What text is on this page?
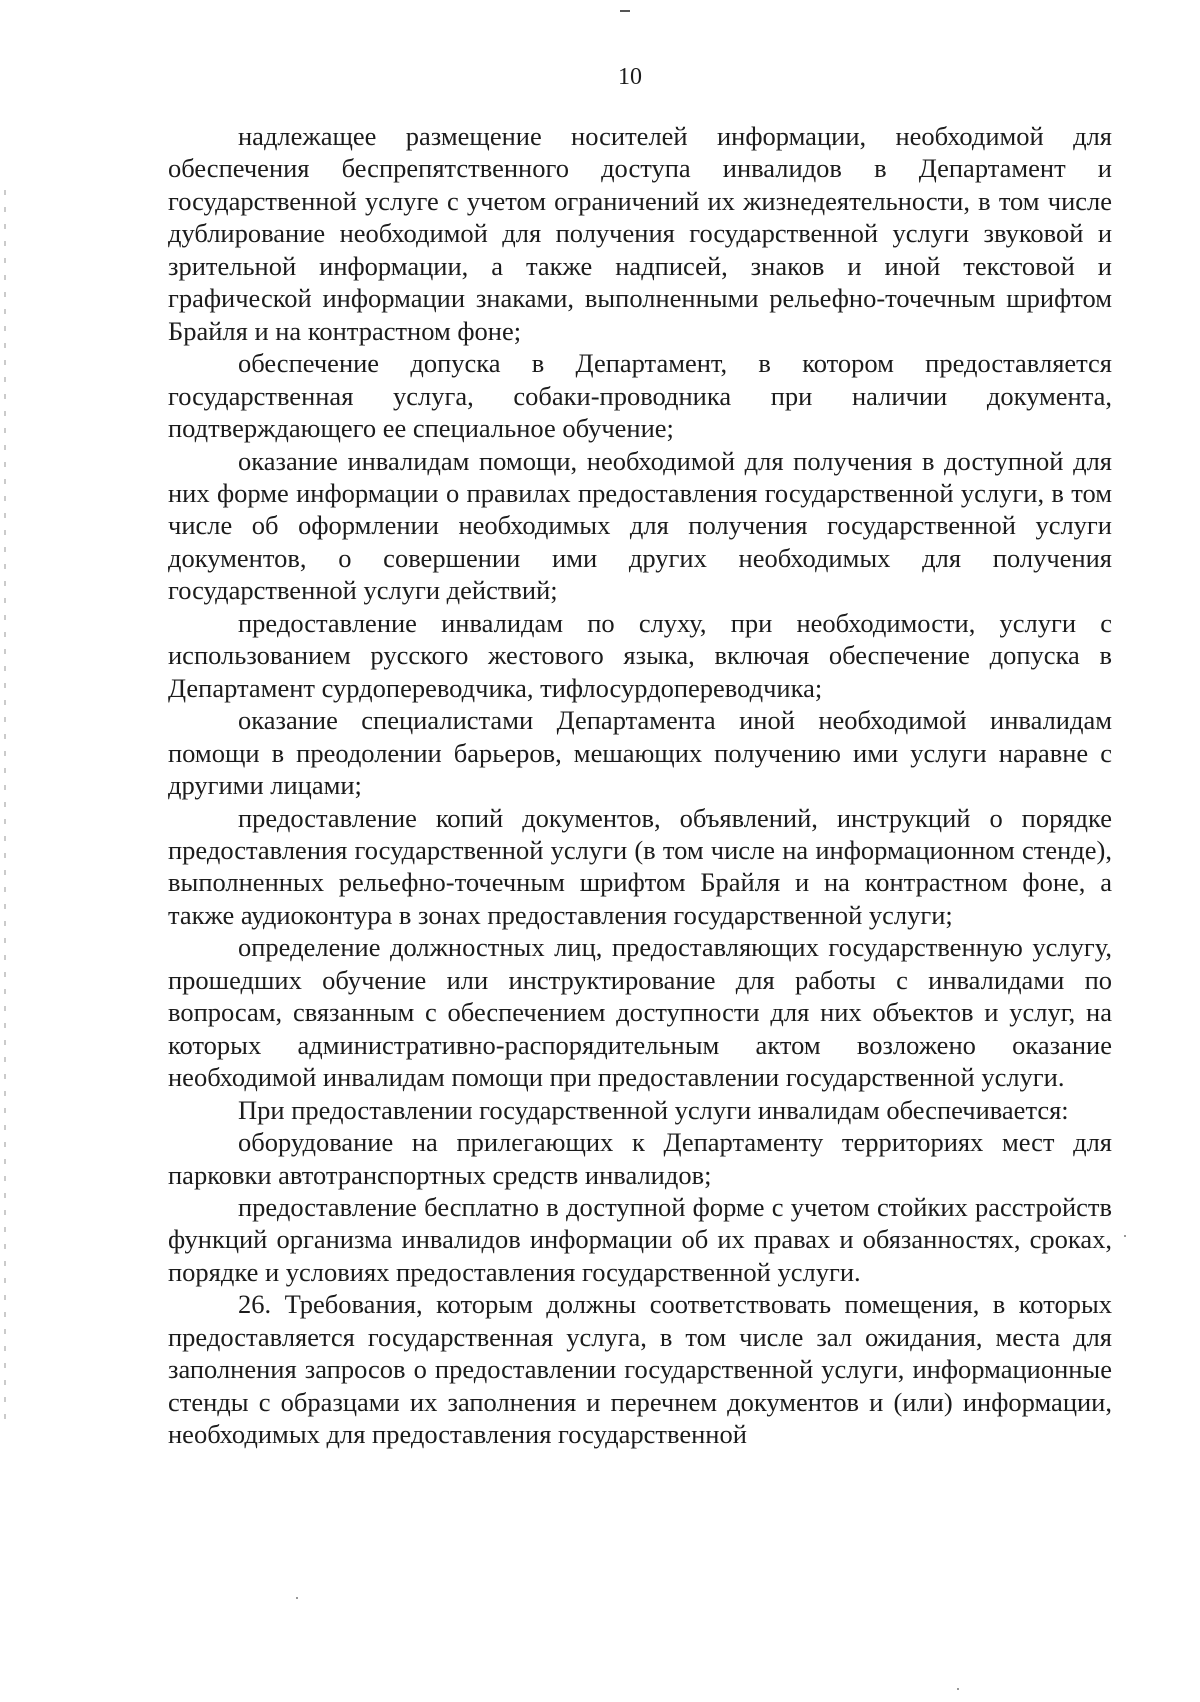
10

надлежащее размещение носителей информации, необходимой для обеспечения беспрепятственного доступа инвалидов в Департамент и государственной услуге с учетом ограничений их жизнедеятельности, в том числе дублирование необходимой для получения государственной услуги звуковой и зрительной информации, а также надписей, знаков и иной текстовой и графической информации знаками, выполненными рельефно-точечным шрифтом Брайля и на контрастном фоне;

обеспечение допуска в Департамент, в котором предоставляется государственная услуга, собаки-проводника при наличии документа, подтверждающего ее специальное обучение;

оказание инвалидам помощи, необходимой для получения в доступной для них форме информации о правилах предоставления государственной услуги, в том числе об оформлении необходимых для получения государственной услуги документов, о совершении ими других необходимых для получения государственной услуги действий;

предоставление инвалидам по слуху, при необходимости, услуги с использованием русского жестового языка, включая обеспечение допуска в Департамент сурдопереводчика, тифлосурдопереводчика;

оказание специалистами Департамента иной необходимой инвалидам помощи в преодолении барьеров, мешающих получению ими услуги наравне с другими лицами;

предоставление копий документов, объявлений, инструкций о порядке предоставления государственной услуги (в том числе на информационном стенде), выполненных рельефно-точечным шрифтом Брайля и на контрастном фоне, а также аудиоконтура в зонах предоставления государственной услуги;

определение должностных лиц, предоставляющих государственную услугу, прошедших обучение или инструктирование для работы с инвалидами по вопросам, связанным с обеспечением доступности для них объектов и услуг, на которых административно-распорядительным актом возложено оказание необходимой инвалидам помощи при предоставлении государственной услуги.

При предоставлении государственной услуги инвалидам обеспечивается:

оборудование на прилегающих к Департаменту территориях мест для парковки автотранспортных средств инвалидов;

предоставление бесплатно в доступной форме с учетом стойких расстройств функций организма инвалидов информации об их правах и обязанностях, сроках, порядке и условиях предоставления государственной услуги.

26. Требования, которым должны соответствовать помещения, в которых предоставляется государственная услуга, в том числе зал ожидания, места для заполнения запросов о предоставлении государственной услуги, информационные стенды с образцами их заполнения и перечнем документов и (или) информации, необходимых для предоставления государственной
